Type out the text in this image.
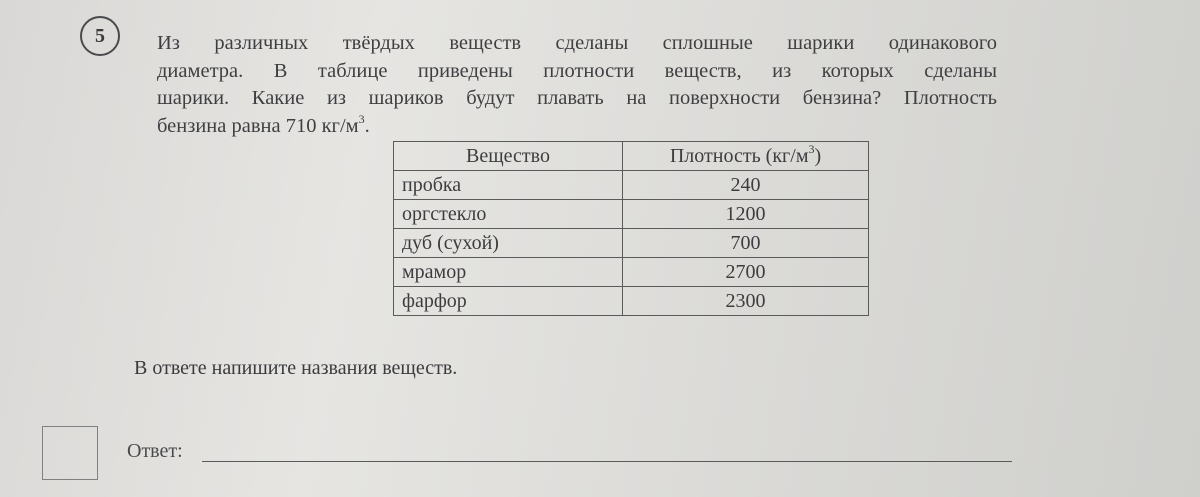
5	Из различных твёрдых веществ сделаны сплошные шарики одинакового
диаметра. В таблице приведены плотности веществ, из которых сделаны
шарики. Какие из шариков будут плавать на поверхности бензина? Плотность
бензина равна 710 $кг/м^3$.
Вещество	Плотность $(кг/м^3)$
пробка	240
оргстекло	1200
дуб (сухой)	700
мрамор	2700
фарфор	2300
В ответе напишите названия веществ.
Ответ:
